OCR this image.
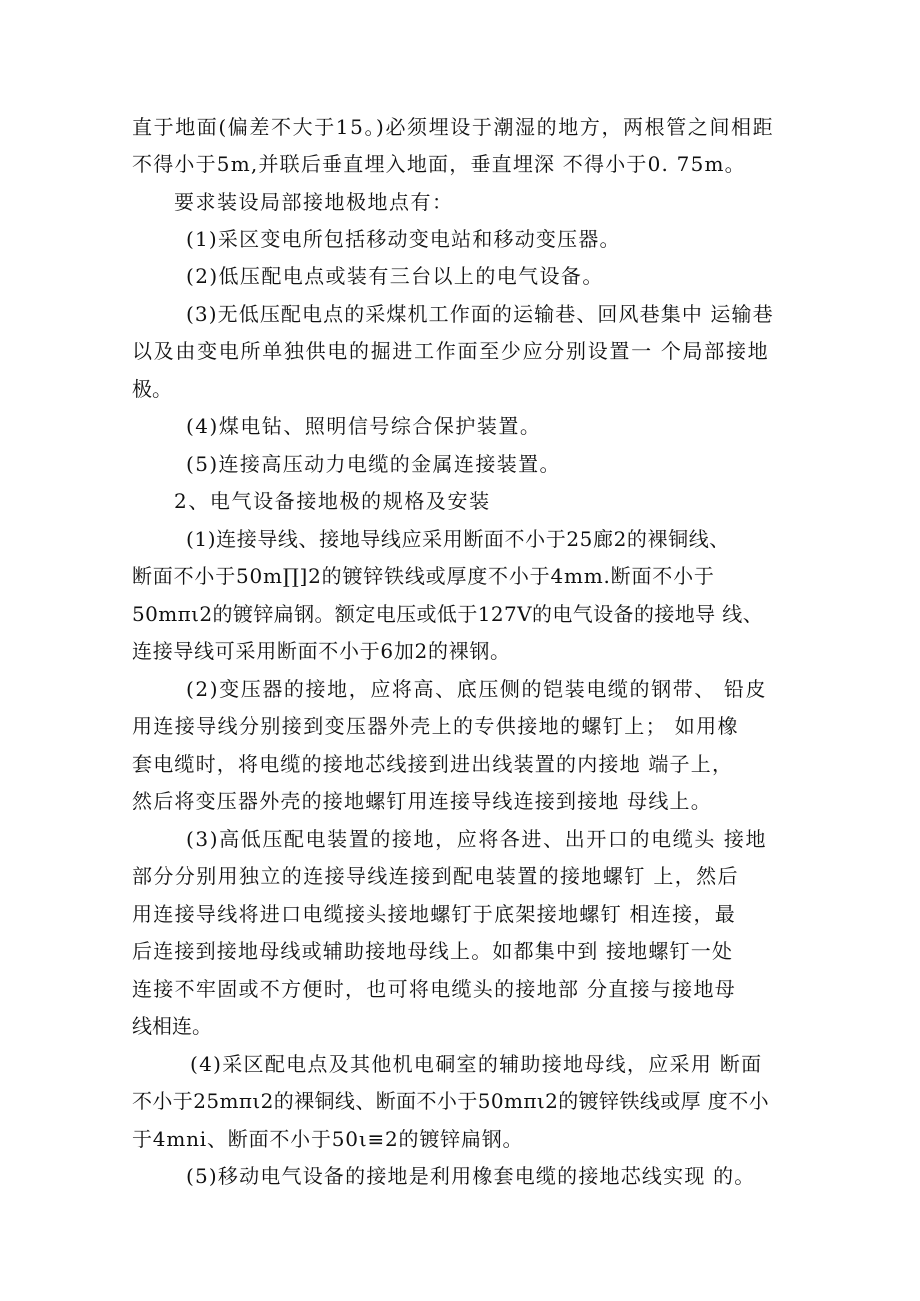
直于地面(偏差不大于15。)必须埋设于潮湿的地方，两根管之间相距
不得小于5m,并联后垂直埋入地面，垂直埋深 不得小于0. 75m。
要求装设局部接地极地点有：
(1)采区变电所包括移动变电站和移动变压器。
(2)低压配电点或装有三台以上的电气设备。
(3)无低压配电点的采煤机工作面的运输巷、回风巷集中 运输巷
以及由变电所单独供电的掘进工作面至少应分别设置一 个局部接地
极。
(4)煤电钻、照明信号综合保护装置。
(5)连接高压动力电缆的金属连接装置。
2、电气设备接地极的规格及安装
(1)连接导线、接地导线应采用断面不小于25廊2的裸铜线、
断面不小于50m∏]2的镀锌铁线或厚度不小于4mm.断面不小于
50mπι2的镀锌扁钢。额定电压或低于127V的电气设备的接地导 线、
连接导线可采用断面不小于6加2的裸钢。
(2)变压器的接地，应将高、底压侧的铠装电缆的钢带、 铅皮
用连接导线分别接到变压器外壳上的专供接地的螺钉上； 如用橡
套电缆时，将电缆的接地芯线接到进出线装置的内接地 端子上，
然后将变压器外壳的接地螺钉用连接导线连接到接地 母线上。
(3)高低压配电装置的接地，应将各进、出开口的电缆头 接地
部分分别用独立的连接导线连接到配电装置的接地螺钉 上，然后
用连接导线将进口电缆接头接地螺钉于底架接地螺钉 相连接，最
后连接到接地母线或辅助接地母线上。如都集中到 接地螺钉一处
连接不牢固或不方便时，也可将电缆头的接地部 分直接与接地母
线相连。
(4)采区配电点及其他机电硐室的辅助接地母线，应采用 断面
不小于25mπι2的裸铜线、断面不小于50mπι2的镀锌铁线或厚 度不小
于4mni、断面不小于50ι≡2的镀锌扁钢。
(5)移动电气设备的接地是利用橡套电缆的接地芯线实现 的。
